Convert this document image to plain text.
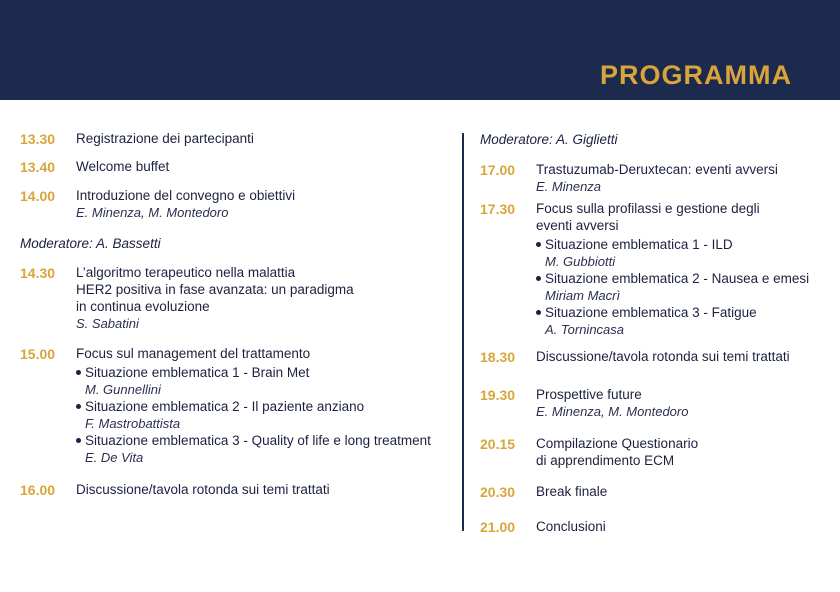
PROGRAMMA
13.30 Registrazione dei partecipanti
13.40 Welcome buffet
14.00 Introduzione del convegno e obiettivi
E. Minenza, M. Montedoro
Moderatore: A. Bassetti
14.30 L’algoritmo terapeutico nella malattia
HER2 positiva in fase avanzata: un paradigma
in continua evoluzione
S. Sabatini
15.00 Focus sul management del trattamento
Situazione emblematica 1 - Brain Met
M. Gunnellini
Situazione emblematica 2 - Il paziente anziano
F. Mastrobattista
Situazione emblematica 3 - Quality of life e long treatment
E. De Vita
16.00 Discussione/tavola rotonda sui temi trattati
Moderatore: A. Giglietti
17.00 Trastuzumab-Deruxtecan: eventi avversi
E. Minenza
17.30 Focus sulla profilassi e gestione degli
eventi avversi
Situazione emblematica 1 - ILD
M. Gubbiotti
Situazione emblematica 2 - Nausea e emesi
Miriam Macrì
Situazione emblematica 3 - Fatigue
A. Tornincasa
18.30 Discussione/tavola rotonda sui temi trattati
19.30 Prospettive future
E. Minenza, M. Montedoro
20.15 Compilazione Questionario
di apprendimento ECM
20.30 Break finale
21.00 Conclusioni
